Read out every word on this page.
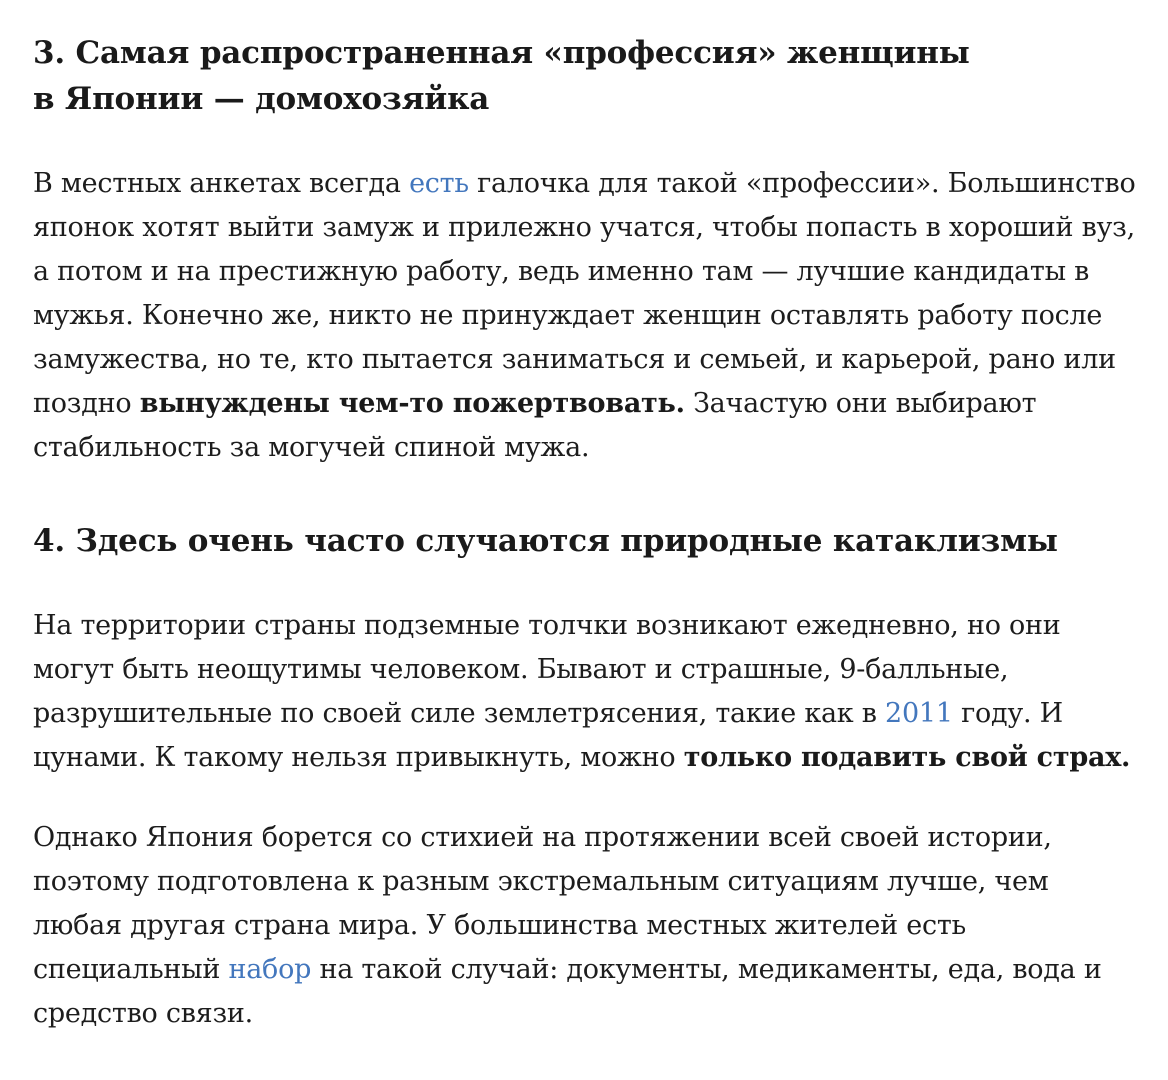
3. Самая распространенная «профессия» женщины
в Японии — домохозяйка

В местных анкетах всегда есть галочка для такой «профессии». Большинство японок хотят выйти замуж и прилежно учатся, чтобы попасть в хороший вуз, а потом и на престижную работу, ведь именно там — лучшие кандидаты в мужья. Конечно же, никто не принуждает женщин оставлять работу после замужества, но те, кто пытается заниматься и семьей, и карьерой, рано или поздно вынуждены чем-то пожертвовать. Зачастую они выбирают стабильность за могучей спиной мужа.

4. Здесь очень часто случаются природные катаклизмы

На территории страны подземные толчки возникают ежедневно, но они могут быть неощутимы человеком. Бывают и страшные, 9-балльные, разрушительные по своей силе землетрясения, такие как в 2011 году. И цунами. К такому нельзя привыкнуть, можно только подавить свой страх.

Однако Япония борется со стихией на протяжении всей своей истории, поэтому подготовлена к разным экстремальным ситуациям лучше, чем любая другая страна мира. У большинства местных жителей есть специальный набор на такой случай: документы, медикаменты, еда, вода и средство связи.
